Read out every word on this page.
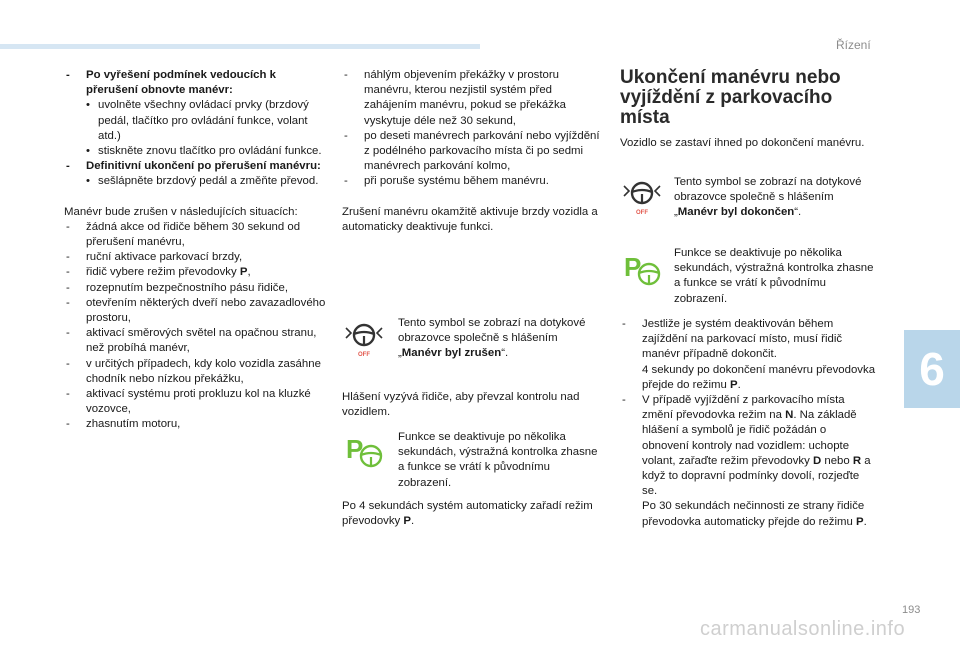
Řízení
6
193
carmanualsonline.info

- Po vyřešení podmínek vedoucích k přerušení obnovte manévr:

• uvolněte všechny ovládací prvky (brzdový pedál, tlačítko pro ovládání funkce, volant atd.)

• stiskněte znovu tlačítko pro ovládání funkce.

- Definitivní ukončení po přerušení manévru:

• sešlápněte brzdový pedál a změňte převod.

Manévr bude zrušen v následujících situacích:

- žádná akce od řidiče během 30 sekund od přerušení manévru,

- ruční aktivace parkovací brzdy,

- řidič vybere režim převodovky P,

- rozepnutím bezpečnostního pásu řidiče,

- otevřením některých dveří nebo zavazadlového prostoru,

- aktivací směrových světel na opačnou stranu, než probíhá manévr,

- v určitých případech, kdy kolo vozidla zasáhne chodník nebo nízkou překážku,

- aktivací systému proti prokluzu kol na kluzké vozovce,

- zhasnutím motoru,

- náhlým objevením překážky v prostoru manévru, kterou nezjistil systém před zahájením manévru, pokud se překážka vyskytuje déle než 30 sekund,

- po deseti manévrech parkování nebo vyjíždění z podélného parkovacího místa či po sedmi manévrech parkování kolmo,

- při poruše systému během manévru.

Zrušení manévru okamžitě aktivuje brzdy vozidla a automaticky deaktivuje funkci.

OFF
Tento symbol se zobrazí na dotykové obrazovce společně s hlášením „Manévr byl zrušen“.

Hlášení vyzývá řidiče, aby převzal kontrolu nad vozidlem.

P	Funkce se deaktivuje po několika sekundách, výstražná kontrolka zhasne a funkce se vrátí k původnímu zobrazení.

Po 4 sekundách systém automaticky zařadí režim převodovky P.

Ukončení manévru nebo vyjíždění z parkovacího místa

Vozidlo se zastaví ihned po dokončení manévru.

OFF
Tento symbol se zobrazí na dotykové obrazovce společně s hlášením „Manévr byl dokončen“.
P	Funkce se deaktivuje po několika sekundách, výstražná kontrolka zhasne a funkce se vrátí k původnímu zobrazení.

- Jestliže je systém deaktivován během zajíždění na parkovací místo, musí řidič manévr případně dokončit.
4 sekundy po dokončení manévru převodovka přejde do režimu P.

- V případě vyjíždění z parkovacího místa změní převodovka režim na N. Na základě hlášení a symbolů je řidič požádán o obnovení kontroly nad vozidlem: uchopte volant, zařaďte režim převodovky D nebo R a když to dopravní podmínky dovolí, rozjeďte se.
Po 30 sekundách nečinnosti ze strany řidiče převodovka automaticky přejde do režimu P.
